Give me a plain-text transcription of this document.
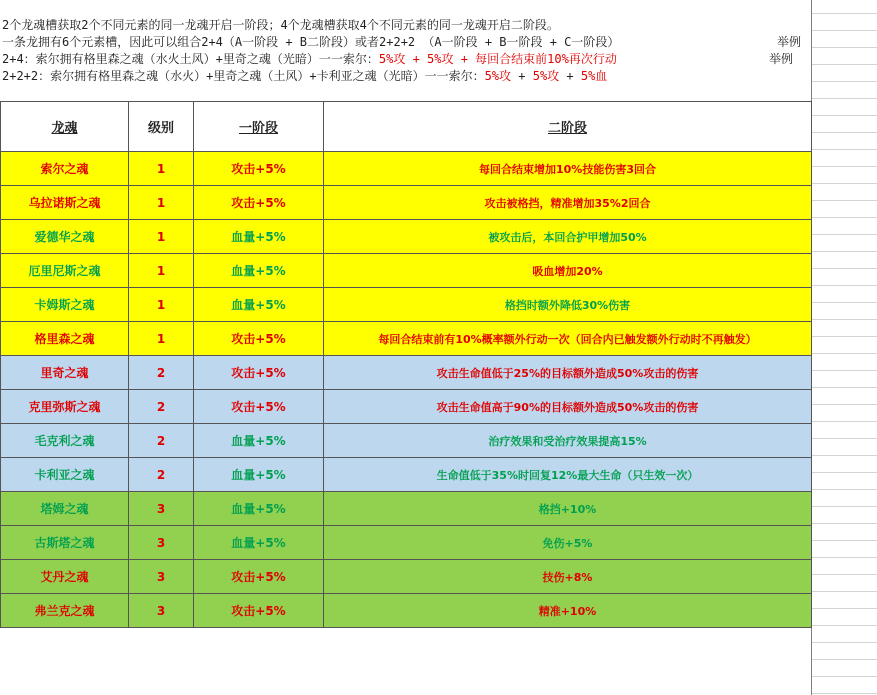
2个龙魂槽获取2个不同元素的同一龙魂开启一阶段；4个龙魂槽获取4个不同元素的同一龙魂开启二阶段。
一条龙拥有6个元素槽，因此可以组合2+4（A一阶段 + B二阶段）或者2+2+2 （A一阶段 + B一阶段 + C一阶段）	举例
2+4：索尔拥有格里森之魂（水火土风）+里奇之魂（光暗）一一索尔：5%攻 + 5%攻 + 每回合结束前10%再次行动	举例
2+2+2：索尔拥有格里森之魂（水火）+里奇之魂（土风）+卡利亚之魂（光暗）一一索尔：5%攻 + 5%攻 + 5%血
龙魂	级别	一阶段	二阶段
索尔之魂	1	攻击+5%	每回合结束增加10%技能伤害3回合
乌拉诺斯之魂	1	攻击+5%	攻击被格挡，精准增加35%2回合
爱德华之魂	1	血量+5%	被攻击后，本回合护甲增加50%
厄里尼斯之魂	1	血量+5%	吸血增加20%
卡姆斯之魂	1	血量+5%	格挡时额外降低30%伤害
格里森之魂	1	攻击+5%	每回合结束前有10%概率额外行动一次（回合内已触发额外行动时不再触发）
里奇之魂	2	攻击+5%	攻击生命值低于25%的目标额外造成50%攻击的伤害
克里弥斯之魂	2	攻击+5%	攻击生命值高于90%的目标额外造成50%攻击的伤害
毛克利之魂	2	血量+5%	治疗效果和受治疗效果提高15%
卡利亚之魂	2	血量+5%	生命值低于35%时回复12%最大生命（只生效一次）
塔姆之魂	3	血量+5%	格挡+10%
古斯塔之魂	3	血量+5%	免伤+5%
艾丹之魂	3	攻击+5%	技伤+8%
弗兰克之魂	3	攻击+5%	精准+10%
